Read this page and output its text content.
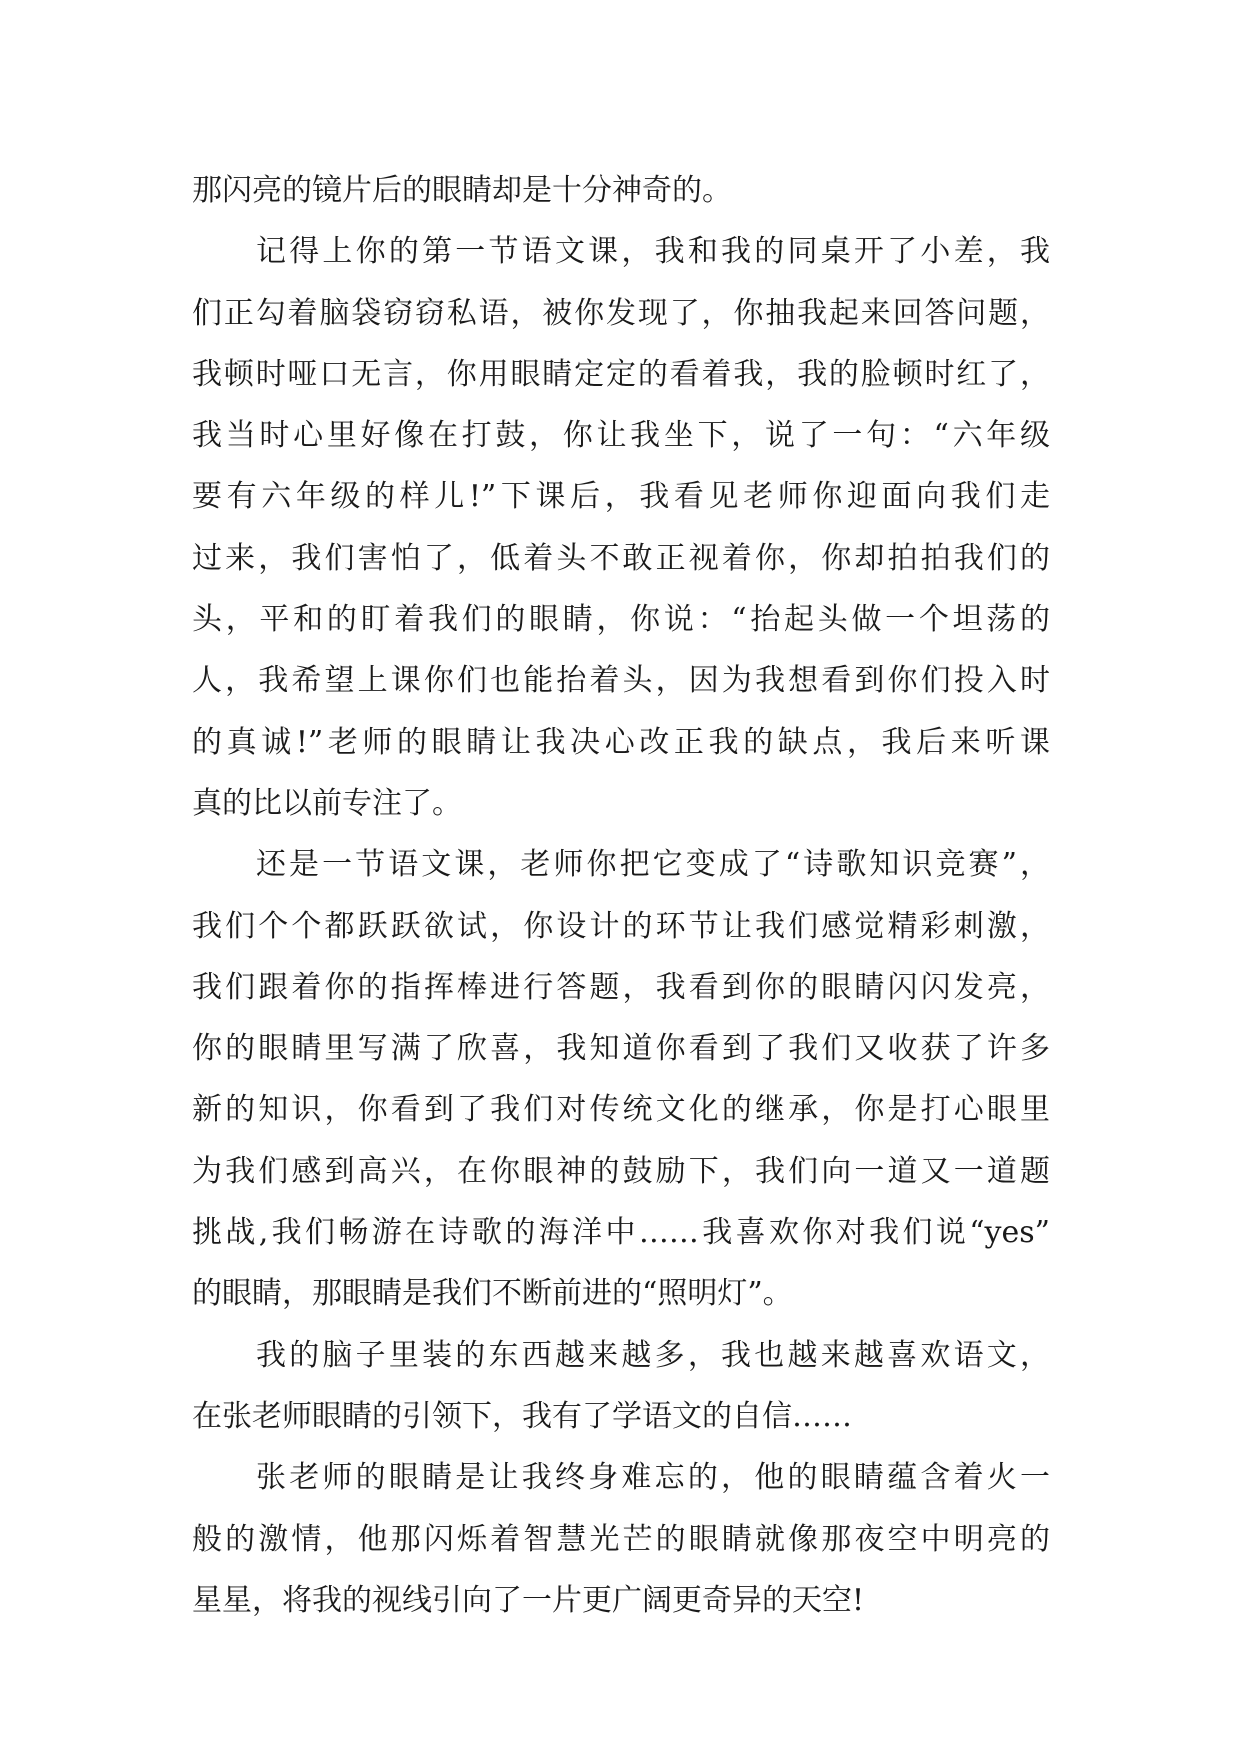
那闪亮的镜片后的眼睛却是十分神奇的。
记得上你的第一节语文课，我和我的同桌开了小差，我
们正勾着脑袋窃窃私语，被你发现了，你抽我起来回答问题，
我顿时哑口无言，你用眼睛定定的看着我，我的脸顿时红了，
我当时心里好像在打鼓，你让我坐下，说了一句：“六年级
要有六年级的样儿!”下课后，我看见老师你迎面向我们走
过来，我们害怕了，低着头不敢正视着你，你却拍拍我们的
头，平和的盯着我们的眼睛，你说：“抬起头做一个坦荡的
人，我希望上课你们也能抬着头，因为我想看到你们投入时
的真诚!”老师的眼睛让我决心改正我的缺点，我后来听课
真的比以前专注了。
还是一节语文课，老师你把它变成了“诗歌知识竞赛”，
我们个个都跃跃欲试，你设计的环节让我们感觉精彩刺激，
我们跟着你的指挥棒进行答题，我看到你的眼睛闪闪发亮，
你的眼睛里写满了欣喜，我知道你看到了我们又收获了许多
新的知识，你看到了我们对传统文化的继承，你是打心眼里
为我们感到高兴，在你眼神的鼓励下，我们向一道又一道题
挑战,我们畅游在诗歌的海洋中……我喜欢你对我们说“yes”
的眼睛，那眼睛是我们不断前进的“照明灯”。
我的脑子里装的东西越来越多，我也越来越喜欢语文，
在张老师眼睛的引领下，我有了学语文的自信……
张老师的眼睛是让我终身难忘的，他的眼睛蕴含着火一
般的激情，他那闪烁着智慧光芒的眼睛就像那夜空中明亮的
星星，将我的视线引向了一片更广阔更奇异的天空!
